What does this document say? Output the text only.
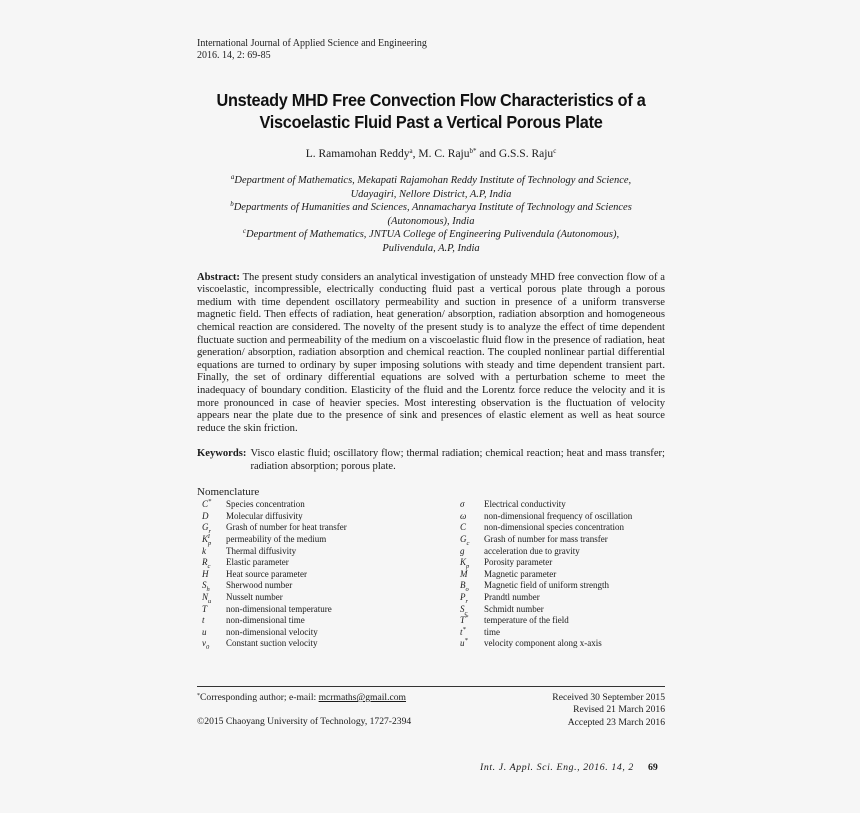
International Journal of Applied Science and Engineering
2016. 14, 2: 69-85
Unsteady MHD Free Convection Flow Characteristics of a
Viscoelastic Fluid Past a Vertical Porous Plate
L. Ramamohan Reddy$^a$, M. C. Raju$^{b*}$ and G.S.S. Raju$^c$
$^a$Department of Mathematics, Mekapati Rajamohan Reddy Institute of Technology and Science,
Udayagiri, Nellore District, A.P, India
$^b$Departments of Humanities and Sciences, Annamacharya Institute of Technology and Sciences
(Autonomous), India
$^c$Department of Mathematics, JNTUA College of Engineering Pulivendula (Autonomous),
Pulivendula, A.P, India
Abstract: The present study considers an analytical investigation of unsteady MHD free convection flow of a viscoelastic, incompressible, electrically conducting fluid past a vertical porous plate through a porous medium with time dependent oscillatory permeability and suction in presence of a uniform transverse magnetic field. Then effects of radiation, heat generation/ absorption, radiation absorption and homogeneous chemical reaction are considered. The novelty of the present study is to analyze the effect of time dependent fluctuate suction and permeability of the medium on a viscoelastic fluid flow in the presence of radiation, heat generation/ absorption, radiation absorption and chemical reaction. The coupled nonlinear partial differential equations are turned to ordinary by super imposing solutions with steady and time dependent transient part. Finally, the set of ordinary differential equations are solved with a perturbation scheme to meet the inadequacy of boundary condition. Elasticity of the fluid and the Lorentz force reduce the velocity and it is more pronounced in case of heavier species. Most interesting observation is the fluctuation of velocity appears near the plate due to the presence of sink and presences of elastic element as well as heat source reduce the skin friction.
Keywords: Visco elastic fluid; oscillatory flow; thermal radiation; chemical reaction; heat and mass transfer; radiation absorption; porous plate.
Nomenclature
C*	Species concentration
D	Molecular diffusivity
$G_r$	Grash of number for heat transfer
$K_p^1$	permeability of the medium
k	Thermal diffusivity
$R_c$	Elastic parameter
H	Heat source parameter
$S_h$	Sherwood number
$N_u$	Nusselt number
T	non-dimensional temperature
t	non-dimensional time
u	non-dimensional velocity
$v_0$	Constant suction velocity
σ	Electrical conductivity
ω	non-dimensional frequency of oscillation
C	non-dimensional species concentration
$G_c$	Grash of number for mass transfer
g	acceleration due to gravity
$K_p$	Porosity parameter
M	Magnetic parameter
$B_o$	Magnetic field of uniform strength
$P_r$	Prandtl number
$S_c$	Schmidt number
T*	temperature of the field
t*	time
u*	velocity component along x-axis
*Corresponding author; e-mail: mcrmaths@gmail.com
©2015 Chaoyang University of Technology, 1727-2394
Received 30 September 2015
Revised 21 March 2016
Accepted 23 March 2016
Int. J. Appl. Sci. Eng., 2016. 14, 2 69
